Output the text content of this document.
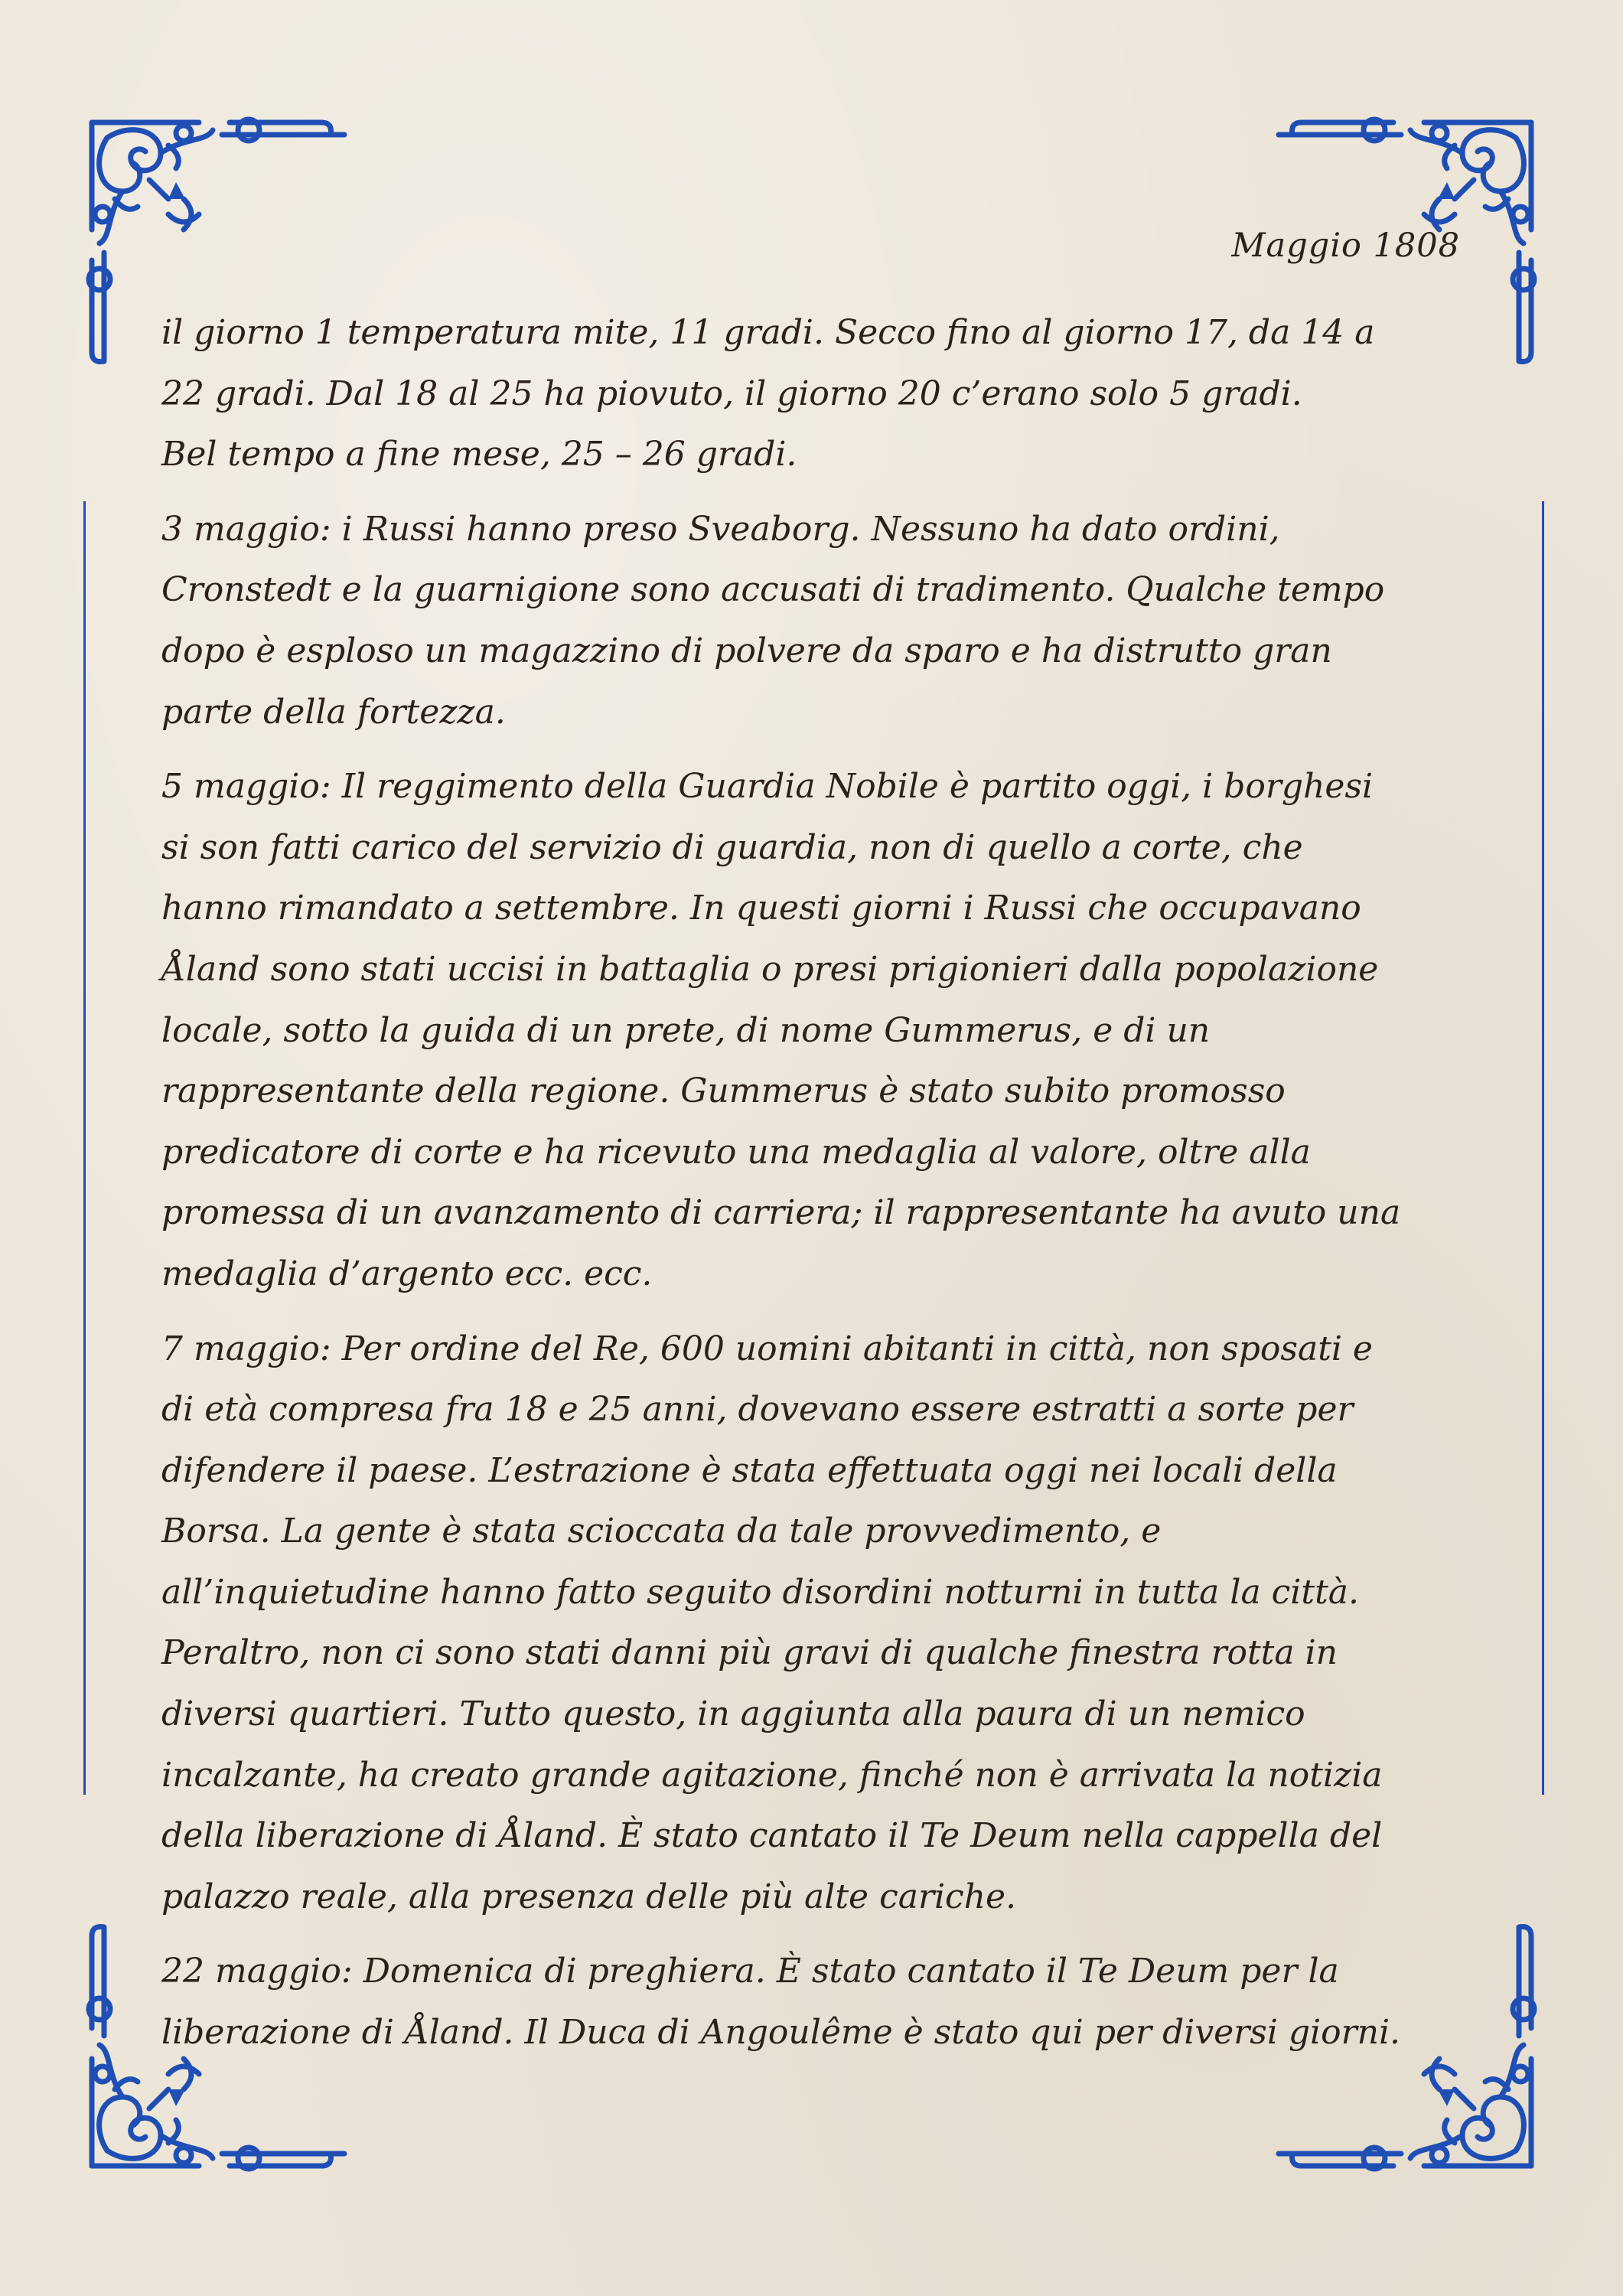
Maggio 1808

il giorno 1 temperatura mite, 11 gradi. Secco fino al giorno 17, da 14 a
22 gradi. Dal 18 al 25 ha piovuto, il giorno 20 c’erano solo 5 gradi.
Bel tempo a fine mese, 25 – 26 gradi.

3 maggio: i Russi hanno preso Sveaborg. Nessuno ha dato ordini,
Cronstedt e la guarnigione sono accusati di tradimento. Qualche tempo
dopo è esploso un magazzino di polvere da sparo e ha distrutto gran
parte della fortezza.

5 maggio: Il reggimento della Guardia Nobile è partito oggi, i borghesi
si son fatti carico del servizio di guardia, non di quello a corte, che
hanno rimandato a settembre. In questi giorni i Russi che occupavano
Åland sono stati uccisi in battaglia o presi prigionieri dalla popolazione
locale, sotto la guida di un prete, di nome Gummerus, e di un
rappresentante della regione. Gummerus è stato subito promosso
predicatore di corte e ha ricevuto una medaglia al valore, oltre alla
promessa di un avanzamento di carriera; il rappresentante ha avuto una
medaglia d’argento ecc. ecc.

7 maggio: Per ordine del Re, 600 uomini abitanti in città, non sposati e
di età compresa fra 18 e 25 anni, dovevano essere estratti a sorte per
difendere il paese. L’estrazione è stata effettuata oggi nei locali della
Borsa. La gente è stata scioccata da tale provvedimento, e
all’inquietudine hanno fatto seguito disordini notturni in tutta la città.
Peraltro, non ci sono stati danni più gravi di qualche finestra rotta in
diversi quartieri. Tutto questo, in aggiunta alla paura di un nemico
incalzante, ha creato grande agitazione, finché non è arrivata la notizia
della liberazione di Åland. È stato cantato il Te Deum nella cappella del
palazzo reale, alla presenza delle più alte cariche.

22 maggio: Domenica di preghiera. È stato cantato il Te Deum per la
liberazione di Åland. Il Duca di Angoulême è stato qui per diversi giorni.
